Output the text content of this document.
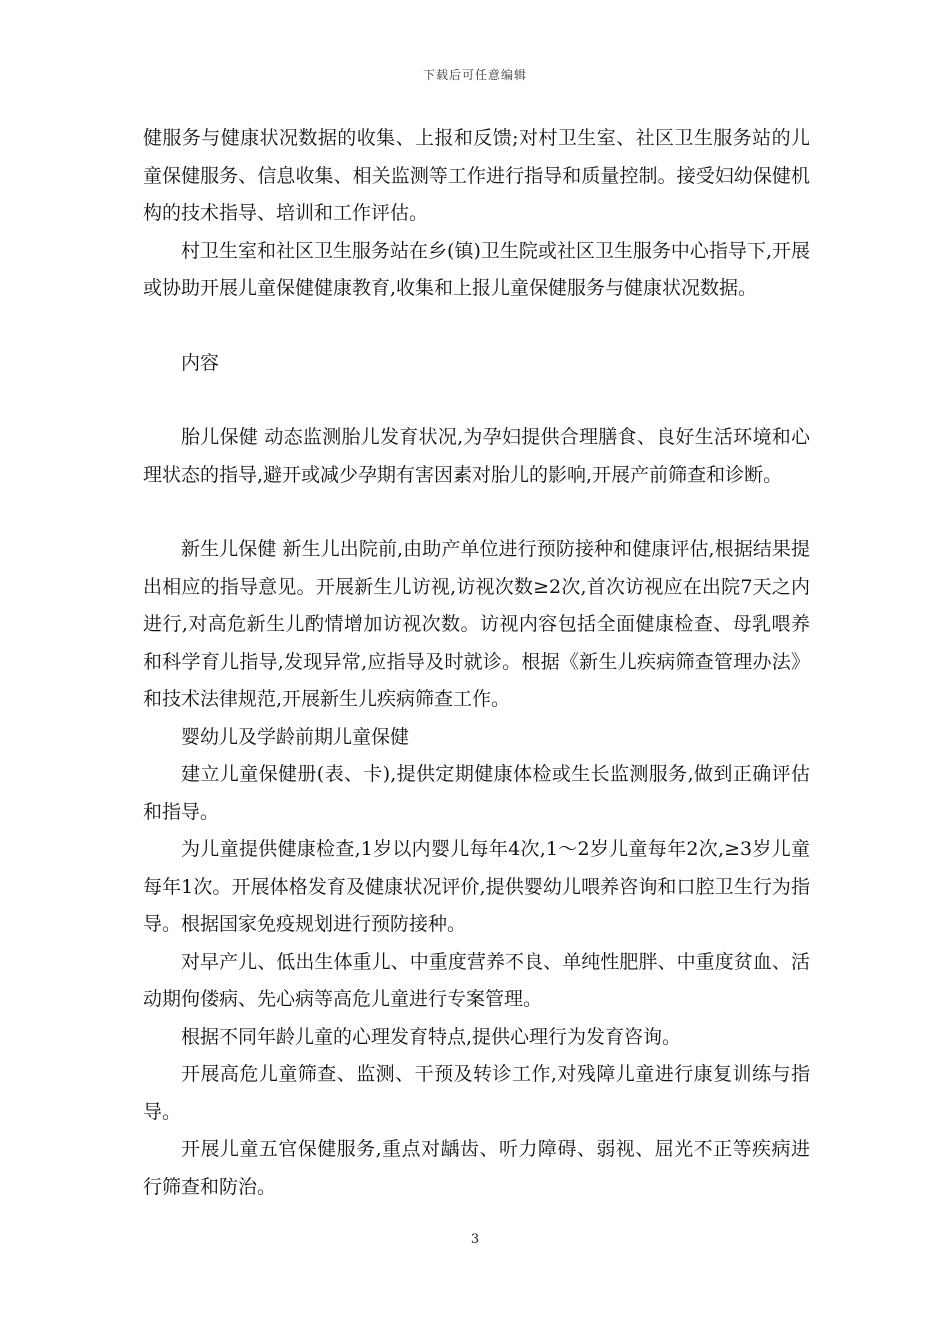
下载后可任意编辑

健服务与健康状况数据的收集、上报和反馈;对村卫生室、社区卫生服务站的儿童保健服务、信息收集、相关监测等工作进行指导和质量控制。接受妇幼保健机构的技术指导、培训和工作评估。

村卫生室和社区卫生服务站在乡(镇)卫生院或社区卫生服务中心指导下,开展或协助开展儿童保健健康教育,收集和上报儿童保健服务与健康状况数据。

内容

胎儿保健 动态监测胎儿发育状况,为孕妇提供合理膳食、良好生活环境和心理状态的指导,避开或减少孕期有害因素对胎儿的影响,开展产前筛查和诊断。

新生儿保健 新生儿出院前,由助产单位进行预防接种和健康评估,根据结果提出相应的指导意见。开展新生儿访视,访视次数≥2次,首次访视应在出院7天之内进行,对高危新生儿酌情增加访视次数。访视内容包括全面健康检查、母乳喂养和科学育儿指导,发现异常,应指导及时就诊。根据《新生儿疾病筛查管理办法》和技术法律规范,开展新生儿疾病筛查工作。

婴幼儿及学龄前期儿童保健

建立儿童保健册(表、卡),提供定期健康体检或生长监测服务,做到正确评估和指导。

为儿童提供健康检查,1岁以内婴儿每年4次,1～2岁儿童每年2次,≥3岁儿童每年1次。开展体格发育及健康状况评价,提供婴幼儿喂养咨询和口腔卫生行为指导。根据国家免疫规划进行预防接种。

对早产儿、低出生体重儿、中重度营养不良、单纯性肥胖、中重度贫血、活动期佝偻病、先心病等高危儿童进行专案管理。

根据不同年龄儿童的心理发育特点,提供心理行为发育咨询。

开展高危儿童筛查、监测、干预及转诊工作,对残障儿童进行康复训练与指导。

开展儿童五官保健服务,重点对龋齿、听力障碍、弱视、屈光不正等疾病进行筛查和防治。

3
